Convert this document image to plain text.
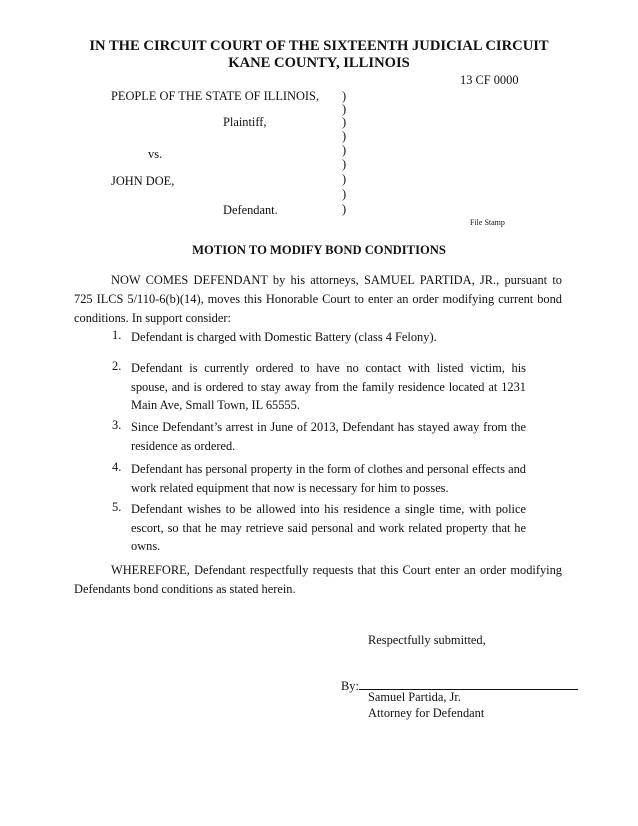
IN THE CIRCUIT COURT OF THE SIXTEENTH JUDICIAL CIRCUIT
KANE COUNTY, ILLINOIS
13 CF 0000
PEOPLE OF THE STATE OF ILLINOIS,
Plaintiff,
vs.
JOHN DOE,
Defendant.
)
)
)
)
)
)
)
)
)
File Stamp
MOTION TO MODIFY BOND CONDITIONS
NOW COMES DEFENDANT by his attorneys, SAMUEL PARTIDA, JR., pursuant to 725 ILCS 5/110-6(b)(14), moves this Honorable Court to enter an order modifying current bond conditions. In support consider:
1. Defendant is charged with Domestic Battery (class 4 Felony).
2. Defendant is currently ordered to have no contact with listed victim, his spouse, and is ordered to stay away from the family residence located at 1231 Main Ave, Small Town, IL 65555.
3. Since Defendant’s arrest in June of 2013, Defendant has stayed away from the residence as ordered.
4. Defendant has personal property in the form of clothes and personal effects and work related equipment that now is necessary for him to posses.
5. Defendant wishes to be allowed into his residence a single time, with police escort, so that he may retrieve said personal and work related property that he owns.
WHEREFORE, Defendant respectfully requests that this Court enter an order modifying Defendants bond conditions as stated herein.
Respectfully submitted,
By:
Samuel Partida, Jr.
Attorney for Defendant
